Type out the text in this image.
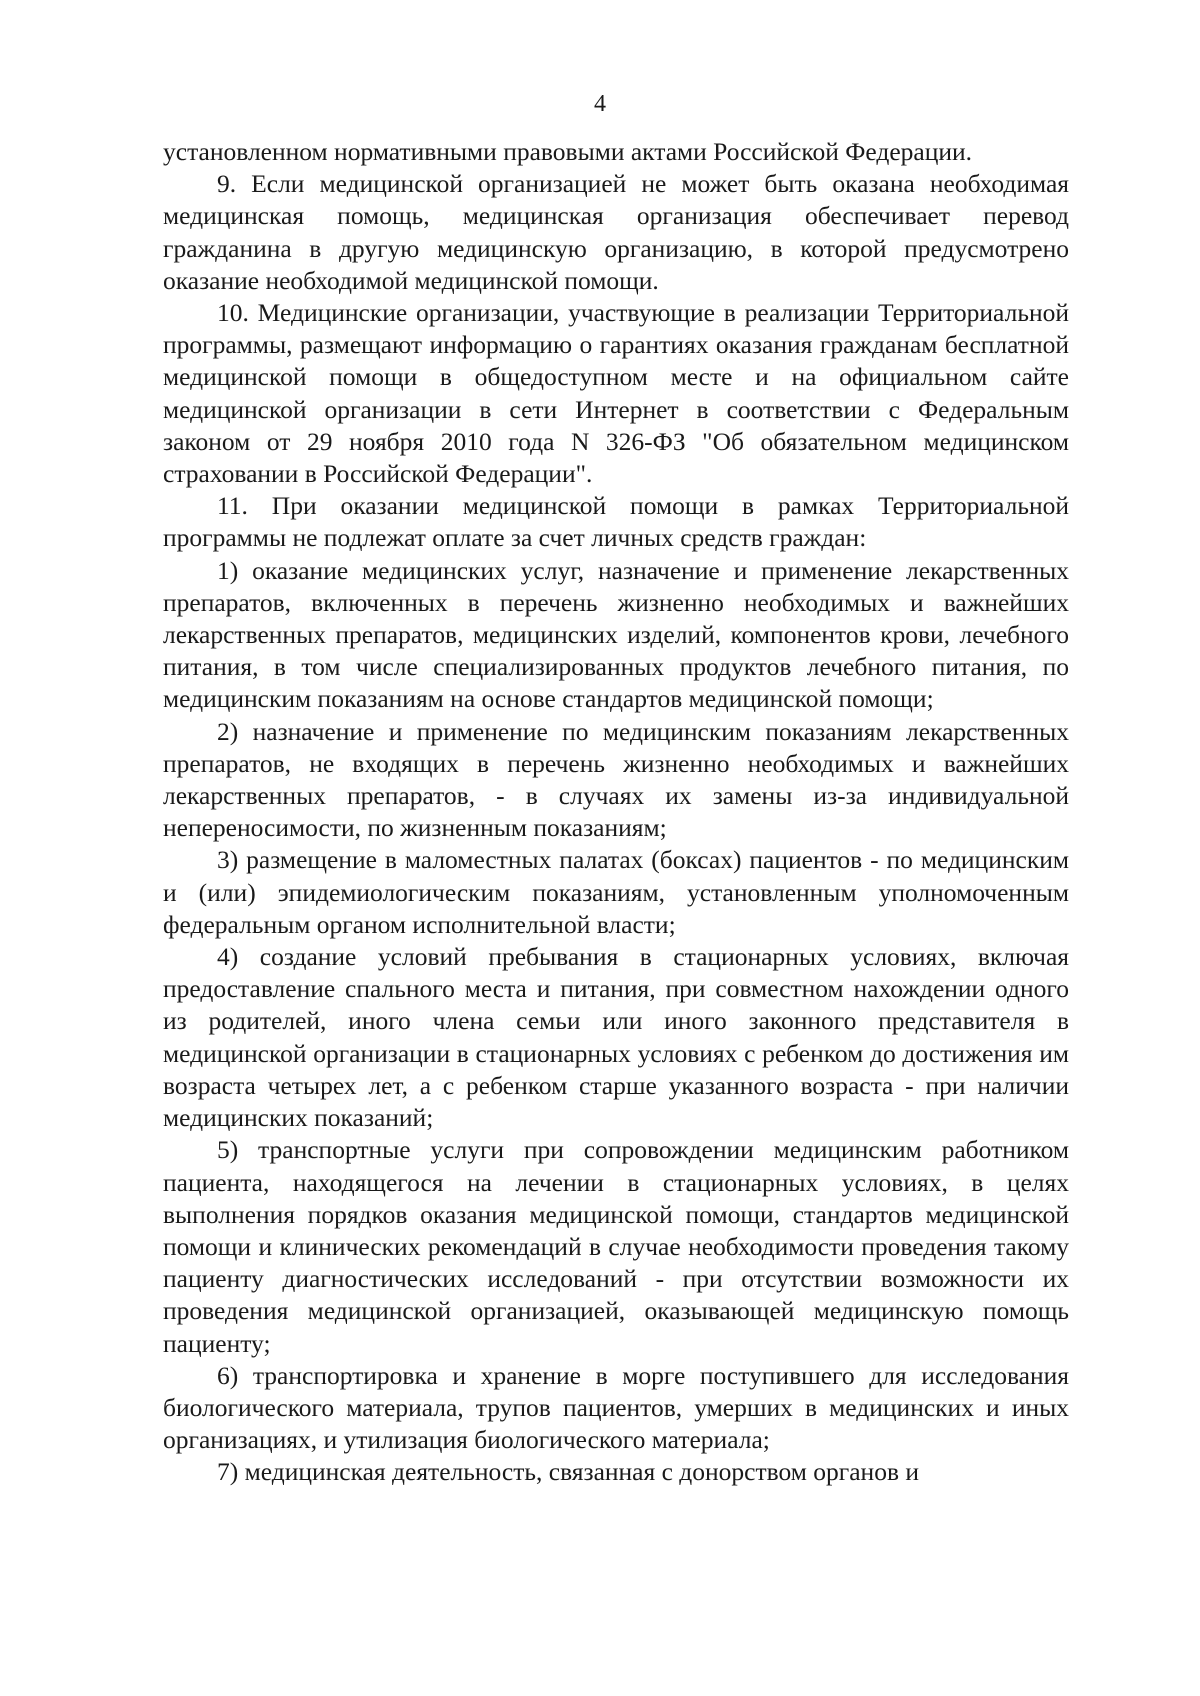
4

установленном нормативными правовыми актами Российской Федерации.

9. Если медицинской организацией не может быть оказана необходимая медицинская помощь, медицинская организация обеспечивает перевод гражданина в другую медицинскую организацию, в которой предусмотрено оказание необходимой медицинской помощи.

10. Медицинские организации, участвующие в реализации Территориальной программы, размещают информацию о гарантиях оказания гражданам бесплатной медицинской помощи в общедоступном месте и на официальном сайте медицинской организации в сети Интернет в соответствии с Федеральным законом от 29 ноября 2010 года N 326-ФЗ "Об обязательном медицинском страховании в Российской Федерации".

11. При оказании медицинской помощи в рамках Территориальной программы не подлежат оплате за счет личных средств граждан:

1) оказание медицинских услуг, назначение и применение лекарственных препаратов, включенных в перечень жизненно необходимых и важнейших лекарственных препаратов, медицинских изделий, компонентов крови, лечебного питания, в том числе специализированных продуктов лечебного питания, по медицинским показаниям на основе стандартов медицинской помощи;

2) назначение и применение по медицинским показаниям лекарственных препаратов, не входящих в перечень жизненно необходимых и важнейших лекарственных препаратов, - в случаях их замены из-за индивидуальной непереносимости, по жизненным показаниям;

3) размещение в маломестных палатах (боксах) пациентов - по медицинским и (или) эпидемиологическим показаниям, установленным уполномоченным федеральным органом исполнительной власти;

4) создание условий пребывания в стационарных условиях, включая предоставление спального места и питания, при совместном нахождении одного из родителей, иного члена семьи или иного законного представителя в медицинской организации в стационарных условиях с ребенком до достижения им возраста четырех лет, а с ребенком старше указанного возраста - при наличии медицинских показаний;

5) транспортные услуги при сопровождении медицинским работником пациента, находящегося на лечении в стационарных условиях, в целях выполнения порядков оказания медицинской помощи, стандартов медицинской помощи и клинических рекомендаций в случае необходимости проведения такому пациенту диагностических исследований - при отсутствии возможности их проведения медицинской организацией, оказывающей медицинскую помощь пациенту;

6) транспортировка и хранение в морге поступившего для исследования биологического материала, трупов пациентов, умерших в медицинских и иных организациях, и утилизация биологического материала;

7) медицинская деятельность, связанная с донорством органов и
